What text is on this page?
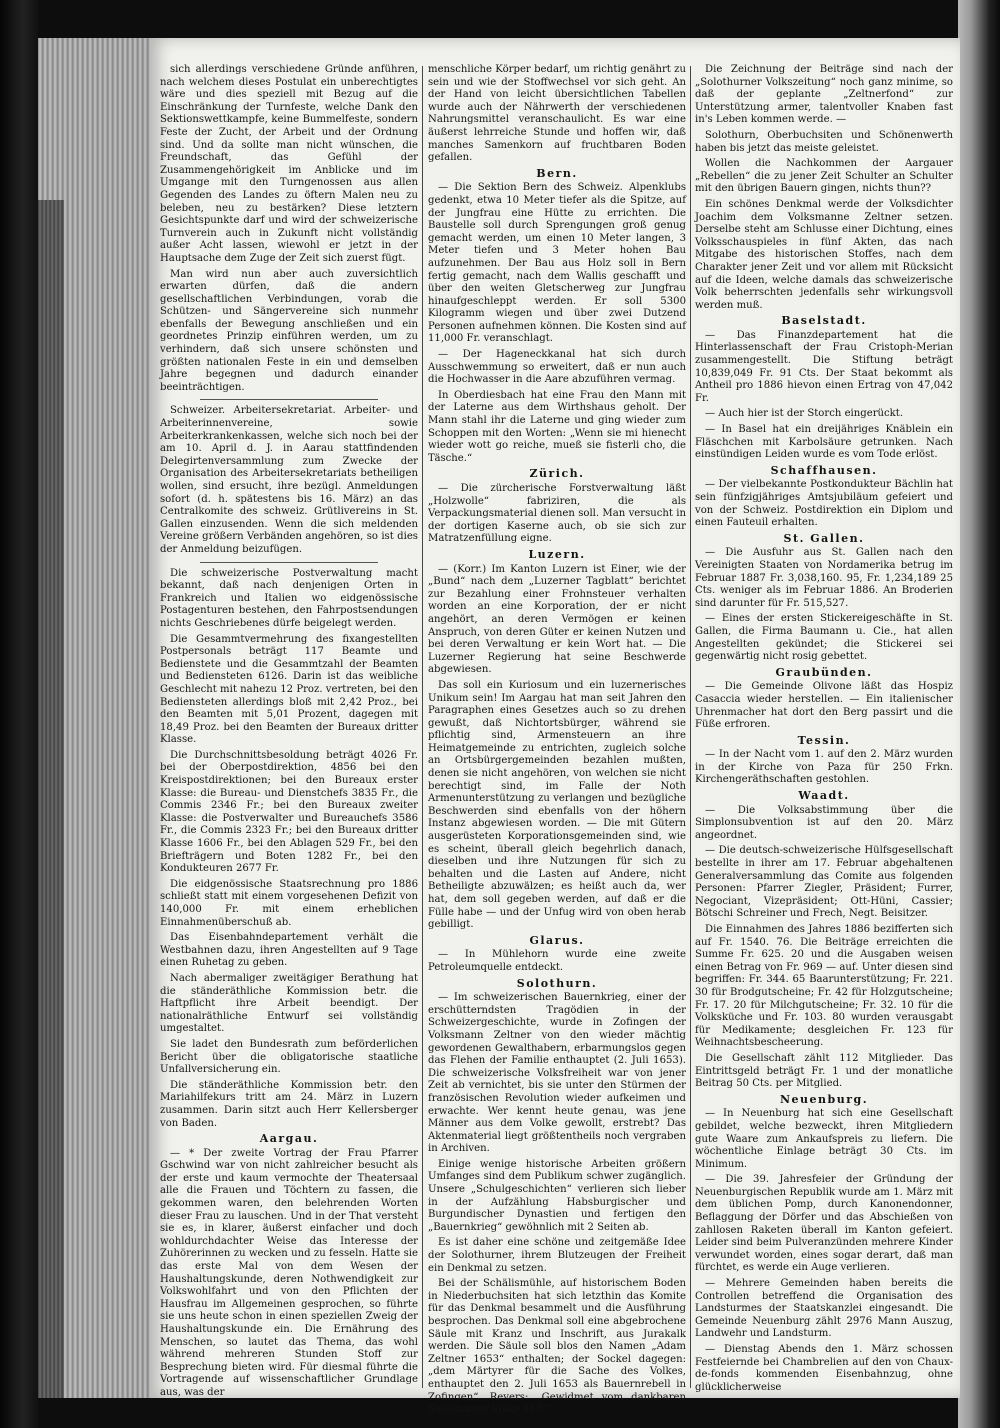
sich allerdings verschiedene Gründe anführen, nach welchem dieses Postulat ein unberechtigtes wäre und dies speziell mit Bezug auf die Einschränkung der Turnfeste, welche Dank den Sektionswettkampfe, keine Bummelfeste, sondern Feste der Zucht, der Arbeit und der Ordnung sind. Und da sollte man nicht wünschen, die Freundschaft, das Gefühl der Zusammengehörigkeit im Anblicke und im Umgange mit den Turngenossen aus allen Gegenden des Landes zu öftern Malen neu zu beleben, neu zu bestärken? Diese letztern Gesichtspunkte darf und wird der schweizerische Turnverein auch in Zukunft nicht vollständig außer Acht lassen, wiewohl er jetzt in der Hauptsache dem Zuge der Zeit sich zuerst fügt.

Man wird nun aber auch zuversichtlich erwarten dürfen, daß die andern gesellschaftlichen Verbindungen, vorab die Schützen- und Sängervereine sich nunmehr ebenfalls der Bewegung anschließen und ein geordnetes Prinzip einführen werden, um zu verhindern, daß sich unsere schönsten und größten nationalen Feste in ein und demselben Jahre begegnen und dadurch einander beeinträchtigen.

Schweizer. Arbeitersekretariat. Arbeiter- und Arbeiterinnenvereine, sowie Arbeiterkrankenkassen, welche sich noch bei der am 10. April d. J. in Aarau stattfindenden Delegirtenversammlung zum Zwecke der Organisation des Arbeitersekretariats betheiligen wollen, sind ersucht, ihre bezügl. Anmeldungen sofort (d. h. spätestens bis 16. März) an das Centralkomite des schweiz. Grütlivereins in St. Gallen einzusenden. Wenn die sich meldenden Vereine größern Verbänden angehören, so ist dies der Anmeldung beizufügen.

Die schweizerische Postverwaltung macht bekannt, daß nach denjenigen Orten in Frankreich und Italien wo eidgenössische Postagenturen bestehen, den Fahrpostsendungen nichts Geschriebenes dürfe beigelegt werden.

Die Gesammtvermehrung des fixangestellten Postpersonals beträgt 117 Beamte und Bedienstete und die Gesammtzahl der Beamten und Bediensteten 6126. Darin ist das weibliche Geschlecht mit nahezu 12 Proz. vertreten, bei den Bediensteten allerdings bloß mit 2,42 Proz., bei den Beamten mit 5,01 Prozent, dagegen mit 18,49 Proz. bei den Beamten der Bureaux dritter Klasse.

Die Durchschnittsbesoldung beträgt 4026 Fr. bei der Oberpostdirektion, 4856 bei den Kreispostdirektionen; bei den Bureaux erster Klasse: die Bureau- und Dienstchefs 3835 Fr., die Commis 2346 Fr.; bei den Bureaux zweiter Klasse: die Postverwalter und Bureauchefs 3586 Fr., die Commis 2323 Fr.; bei den Bureaux dritter Klasse 1606 Fr., bei den Ablagen 529 Fr., bei den Briefträgern und Boten 1282 Fr., bei den Kondukteuren 2677 Fr.

Die eidgenössische Staatsrechnung pro 1886 schließt statt mit einem vorgesehenen Defizit von 140,000 Fr. mit einem erheblichen Einnahmenüberschuß ab.

Das Eisenbahndepartement verhält die Westbahnen dazu, ihren Angestellten auf 9 Tage einen Ruhetag zu geben.

Nach abermaliger zweitägiger Berathung hat die ständeräthliche Kommission betr. die Haftpflicht ihre Arbeit beendigt. Der nationalräthliche Entwurf sei vollständig umgestaltet.

Sie ladet den Bundesrath zum beförderlichen Bericht über die obligatorische staatliche Unfallversicherung ein.

Die ständeräthliche Kommission betr. den Mariahilfekurs tritt am 24. März in Luzern zusammen. Darin sitzt auch Herr Kellersberger von Baden.

Aargau.

— * Der zweite Vortrag der Frau Pfarrer Gschwind war von nicht zahlreicher besucht als der erste und kaum vermochte der Theatersaal alle die Frauen und Töchtern zu fassen, die gekommen waren, den belehrenden Worten dieser Frau zu lauschen. Und in der That versteht sie es, in klarer, äußerst einfacher und doch wohldurchdachter Weise das Interesse der Zuhörerinnen zu wecken und zu fesseln. Hatte sie das erste Mal von dem Wesen der Haushaltungskunde, deren Nothwendigkeit zur Volkswohlfahrt und von den Pflichten der Hausfrau im Allgemeinen gesprochen, so führte sie uns heute schon in einen speziellen Zweig der Haushaltungskunde ein. Die Ernährung des Menschen, so lautet das Thema, das wohl während mehreren Stunden Stoff zur Besprechung bieten wird. Für diesmal führte die Vortragende auf wissenschaftlicher Grundlage aus, was der

menschliche Körper bedarf, um richtig genährt zu sein und wie der Stoffwechsel vor sich geht. An der Hand von leicht übersichtlichen Tabellen wurde auch der Nährwerth der verschiedenen Nahrungsmittel veranschaulicht. Es war eine äußerst lehrreiche Stunde und hoffen wir, daß manches Samenkorn auf fruchtbaren Boden gefallen.

Bern.

— Die Sektion Bern des Schweiz. Alpenklubs gedenkt, etwa 10 Meter tiefer als die Spitze, auf der Jungfrau eine Hütte zu errichten. Die Baustelle soll durch Sprengungen groß genug gemacht werden, um einen 10 Meter langen, 3 Meter tiefen und 3 Meter hohen Bau aufzunehmen. Der Bau aus Holz soll in Bern fertig gemacht, nach dem Wallis geschafft und über den weiten Gletscherweg zur Jungfrau hinaufgeschleppt werden. Er soll 5300 Kilogramm wiegen und über zwei Dutzend Personen aufnehmen können. Die Kosten sind auf 11,000 Fr. veranschlagt.

— Der Hageneckkanal hat sich durch Ausschwemmung so erweitert, daß er nun auch die Hochwasser in die Aare abzuführen vermag.

In Oberdiesbach hat eine Frau den Mann mit der Laterne aus dem Wirthshaus geholt. Der Mann stahl ihr die Laterne und ging wieder zum Schoppen mit den Worten: „Wenn sie mi hienecht wieder wott go reiche, mueß sie fisterli cho, die Täsche.“

Zürich.

— Die zürcherische Forstverwaltung läßt „Holzwolle“ fabriziren, die als Verpackungsmaterial dienen soll. Man versucht in der dortigen Kaserne auch, ob sie sich zur Matratzenfüllung eigne.

Luzern.

— (Korr.) Im Kanton Luzern ist Einer, wie der „Bund“ nach dem „Luzerner Tagblatt“ berichtet zur Bezahlung einer Frohnsteuer verhalten worden an eine Korporation, der er nicht angehört, an deren Vermögen er keinen Anspruch, von deren Güter er keinen Nutzen und bei deren Verwaltung er kein Wort hat. — Die Luzerner Regierung hat seine Beschwerde abgewiesen.

Das soll ein Kuriosum und ein luzernerisches Unikum sein! Im Aargau hat man seit Jahren den Paragraphen eines Gesetzes auch so zu drehen gewußt, daß Nichtortsbürger, während sie pflichtig sind, Armensteuern an ihre Heimatgemeinde zu entrichten, zugleich solche an Ortsbürgergemeinden bezahlen mußten, denen sie nicht angehören, von welchen sie nicht berechtigt sind, im Falle der Noth Armenunterstützung zu verlangen und bezügliche Beschwerden sind ebenfalls von der höhern Instanz abgewiesen worden. — Die mit Gütern ausgerüsteten Korporationsgemeinden sind, wie es scheint, überall gleich begehrlich danach, dieselben und ihre Nutzungen für sich zu behalten und die Lasten auf Andere, nicht Betheiligte abzuwälzen; es heißt auch da, wer hat, dem soll gegeben werden, auf daß er die Fülle habe — und der Unfug wird von oben herab gebilligt.

Glarus.

— In Mühlehorn wurde eine zweite Petroleumquelle entdeckt.

Solothurn.

— Im schweizerischen Bauernkrieg, einer der erschütterndsten Tragödien in der Schweizergeschichte, wurde in Zofingen der Volksmann Zeltner von den wieder mächtig gewordenen Gewalthabern, erbarmungslos gegen das Flehen der Familie enthauptet (2. Juli 1653). Die schweizerische Volksfreiheit war von jener Zeit ab vernichtet, bis sie unter den Stürmen der französischen Revolution wieder aufkeimen und erwachte. Wer kennt heute genau, was jene Männer aus dem Volke gewollt, erstrebt? Das Aktenmaterial liegt größtentheils noch vergraben in Archiven.

Einige wenige historische Arbeiten größern Umfanges sind dem Publikum schwer zugänglich. Unsere „Schulgeschichten“ verlieren sich lieber in der Aufzählung Habsburgischer und Burgundischer Dynastien und fertigen den „Bauernkrieg“ gewöhnlich mit 2 Seiten ab.

Es ist daher eine schöne und zeitgemäße Idee der Solothurner, ihrem Blutzeugen der Freiheit ein Denkmal zu setzen.

Bei der Schälismühle, auf historischem Boden in Niederbuchsiten hat sich letzthin das Komite für das Denkmal besammelt und die Ausführung besprochen. Das Denkmal soll eine abgebrochene Säule mit Kranz und Inschrift, aus Jurakalk werden. Die Säule soll blos den Namen „Adam Zeltner 1653“ enthalten; der Sockel dagegen: „dem Märtyrer für die Sache des Volkes, enthauptet den 2. Juli 1653 als Bauernrebell in Zofingen“. Revers: „Gewidmet vom dankbaren Solothurner-Volke 1887“.

Die Zeichnung der Beiträge sind nach der „Solothurner Volkszeitung“ noch ganz minime, so daß der geplante „Zeltnerfond“ zur Unterstützung armer, talentvoller Knaben fast in's Leben kommen werde. —

Solothurn, Oberbuchsiten und Schönenwerth haben bis jetzt das meiste geleistet.

Wollen die Nachkommen der Aargauer „Rebellen“ die zu jener Zeit Schulter an Schulter mit den übrigen Bauern gingen, nichts thun??

Ein schönes Denkmal werde der Volksdichter Joachim dem Volksmanne Zeltner setzen. Derselbe steht am Schlusse einer Dichtung, eines Volksschauspieles in fünf Akten, das nach Mitgabe des historischen Stoffes, nach dem Charakter jener Zeit und vor allem mit Rücksicht auf die Ideen, welche damals das schweizerische Volk beherrschten jedenfalls sehr wirkungsvoll werden muß.

Baselstadt.

— Das Finanzdepartement hat die Hinterlassenschaft der Frau Cristoph-Merian zusammengestellt. Die Stiftung beträgt 10,839,049 Fr. 91 Cts. Der Staat bekommt als Antheil pro 1886 hievon einen Ertrag von 47,042 Fr.

— Auch hier ist der Storch eingerückt.

— In Basel hat ein dreijähriges Knäblein ein Fläschchen mit Karbolsäure getrunken. Nach einstündigen Leiden wurde es vom Tode erlöst.

Schaffhausen.

— Der vielbekannte Postkondukteur Bächlin hat sein fünfzigjähriges Amtsjubiläum gefeiert und von der Schweiz. Postdirektion ein Diplom und einen Fauteuil erhalten.

St. Gallen.

— Die Ausfuhr aus St. Gallen nach den Vereinigten Staaten von Nordamerika betrug im Februar 1887 Fr. 3,038,160. 95, Fr. 1,234,189 25 Cts. weniger als im Februar 1886. An Broderien sind darunter für Fr. 515,527.

— Eines der ersten Stickereigeschäfte in St. Gallen, die Firma Baumann u. Cie., hat allen Angestellten gekündet; die Stickerei sei gegenwärtig nicht rosig gebettet.

Graubünden.

— Die Gemeinde Olivone läßt das Hospiz Casaccia wieder herstellen. — Ein italienischer Uhrenmacher hat dort den Berg passirt und die Füße erfroren.

Tessin.

— In der Nacht vom 1. auf den 2. März wurden in der Kirche von Paza für 250 Frkn. Kirchengeräthschaften gestohlen.

Waadt.

— Die Volksabstimmung über die Simplonsubvention ist auf den 20. März angeordnet.

— Die deutsch-schweizerische Hülfsgesellschaft bestellte in ihrer am 17. Februar abgehaltenen Generalversammlung das Comite aus folgenden Personen: Pfarrer Ziegler, Präsident; Furrer, Negociant, Vizepräsident; Ott-Hüni, Cassier; Bötschi Schreiner und Frech, Negt. Beisitzer.

Die Einnahmen des Jahres 1886 bezifferten sich auf Fr. 1540. 76. Die Beiträge erreichten die Summe Fr. 625. 20 und die Ausgaben weisen einen Betrag von Fr. 969 — auf. Unter diesen sind begriffen: Fr. 344. 65 Baarunterstützung; Fr. 221. 30 für Brodgutscheine; Fr. 42 für Holzgutscheine; Fr. 17. 20 für Milchgutscheine; Fr. 32. 10 für die Volksküche und Fr. 103. 80 wurden verausgabt für Medikamente; desgleichen Fr. 123 für Weihnachtsbescheerung.

Die Gesellschaft zählt 112 Mitglieder. Das Eintrittsgeld beträgt Fr. 1 und der monatliche Beitrag 50 Cts. per Mitglied.

Neuenburg.

— In Neuenburg hat sich eine Gesellschaft gebildet, welche bezweckt, ihren Mitgliedern gute Waare zum Ankaufspreis zu liefern. Die wöchentliche Einlage beträgt 30 Cts. im Minimum.

— Die 39. Jahresfeier der Gründung der Neuenburgischen Republik wurde am 1. März mit dem üblichen Pomp, durch Kanonendonner, Beflaggung der Dörfer und das Abschießen von zahllosen Raketen überall im Kanton gefeiert. Leider sind beim Pulveranzünden mehrere Kinder verwundet worden, eines sogar derart, daß man fürchtet, es werde ein Auge verlieren.

— Mehrere Gemeinden haben bereits die Controllen betreffend die Organisation des Landsturmes der Staatskanzlei eingesandt. Die Gemeinde Neuenburg zählt 2976 Mann Auszug, Landwehr und Landsturm.

— Dienstag Abends den 1. März schossen Festfeiernde bei Chambrelien auf den von Chaux-de-fonds kommenden Eisenbahnzug, ohne glücklicherweise
